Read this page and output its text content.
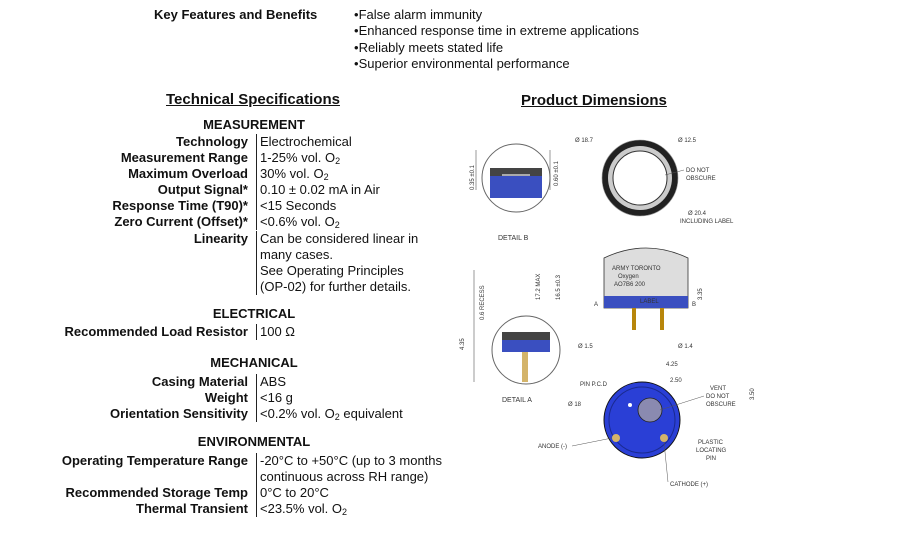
Key Features and Benefits
•	False alarm immunity
• Enhanced response time in extreme applications
• Reliably meets stated life
• Superior environmental performance
Technical Specifications	Product Dimensions
MEASUREMENT
Technology Electrochemical
Measurement Range 1-25% vol. $O_2$
Maximum Overload 30% vol. $O_2$
Output Signal* 0.10 ± 0.02 mA in Air
Response Time (T90)* <15 Seconds
Zero Current (Offset)* <0.6% vol. $O_2$
Linearity Can be considered linear in
many cases.
See Operating Principles
(OP-02) for further details.
ELECTRICAL
Recommended Load Resistor 100 Ω
MECHANICAL
Casing Material ABS
Weight <16 g
Orientation Sensitivity <0.2% vol. $O_2$ equivalent
ENVIRONMENTAL
Operating Temperature Range -20°C to +50°C (up to 3 months
continuous across RH range)
Recommended Storage Temp 0°C to 20°C
Thermal Transient <23.5% vol. $O_2$
0.35 ±0.1	0.60 ±0.1
DETAIL B
Ø 18.7	Ø 12.5
DO NOT
OBSCURE
Ø 20.4
INCLUDING LABEL
ARMY TORONTO
Oxygen
AO7B6 200
LABEL
17.2 MAX 16.5 ±0.3	3.35
A	B
Ø 1.5	Ø 1.4
0.6 RECESS
4.35
DETAIL A
4.25
2.50
3.50
PIN P.C.D
Ø 18
VENT
DO NOT
OBSCURE
ANODE (-)
PLASTIC
LOCATING
PIN
CATHODE (+)
